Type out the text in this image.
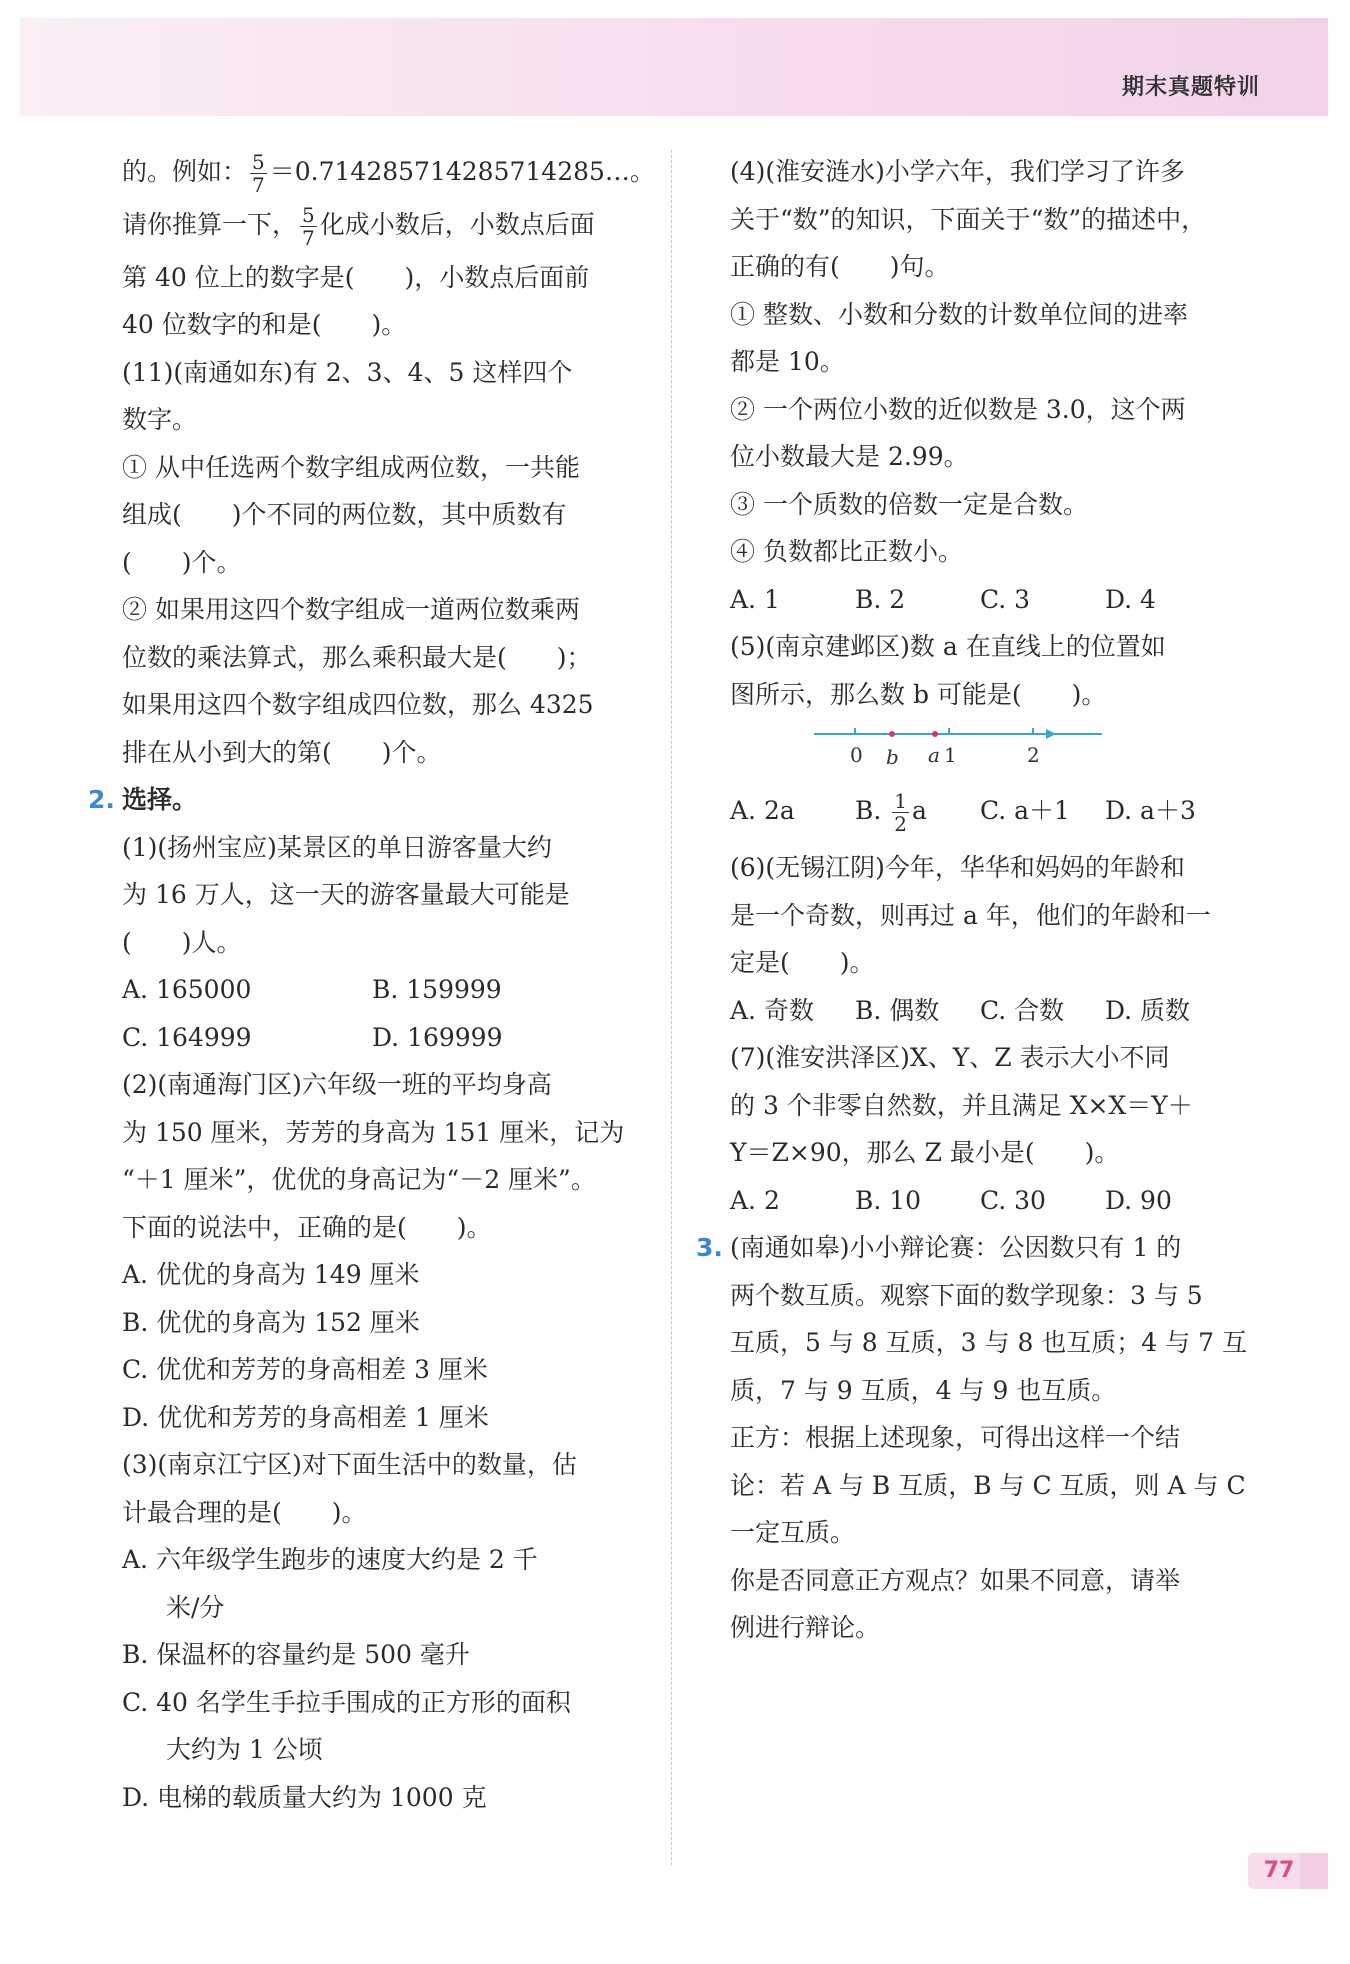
期末真题特训
的。例如： $\frac{5}{7}$ ＝0.714285714285714285…。
请你推算一下， $\frac{5}{7}$ 化成小数后，小数点后面
第 40 位上的数字是(　　)，小数点后面前
40 位数字的和是(　　)。
(11)(南通如东)有 2、3、4、5 这样四个
数字。
① 从中任选两个数字组成两位数，一共能
组成(　　)个不同的两位数，其中质数有
(　　)个。
② 如果用这四个数字组成一道两位数乘两
位数的乘法算式，那么乘积最大是(　　)；
如果用这四个数字组成四位数，那么 4325
排在从小到大的第(　　)个。
2. 选择。
(1)(扬州宝应)某景区的单日游客量大约
为 16 万人，这一天的游客量最大可能是
(　　)人。
A. 165000	B. 159999
C. 164999	D. 169999
(2)(南通海门区)六年级一班的平均身高
为 150 厘米，芳芳的身高为 151 厘米，记为
“＋1 厘米”，优优的身高记为“－2 厘米”。
下面的说法中，正确的是(　　)。
A. 优优的身高为 149 厘米
B. 优优的身高为 152 厘米
C. 优优和芳芳的身高相差 3 厘米
D. 优优和芳芳的身高相差 1 厘米
(3)(南京江宁区)对下面生活中的数量，估
计最合理的是(　　)。
A. 六年级学生跑步的速度大约是 2 千
米/分
B. 保温杯的容量约是 500 毫升
C. 40 名学生手拉手围成的正方形的面积
大约为 1 公顷
D. 电梯的载质量大约为 1000 克
(4)(淮安涟水)小学六年，我们学习了许多
关于“数”的知识，下面关于“数”的描述中，
正确的有(　　)句。
① 整数、小数和分数的计数单位间的进率
都是 10。
② 一个两位小数的近似数是 3.0，这个两
位小数最大是 2.99。
③ 一个质数的倍数一定是合数。
④ 负数都比正数小。
A. 1	B. 2	C. 3	D. 4
(5)(南京建邺区)数 a 在直线上的位置如
图所示，那么数 b 可能是(　　)。
0 b a 1	2
A. 2a	B. $\frac{1}{2}$ a	C. a＋1	D. a＋3
(6)(无锡江阴)今年，华华和妈妈的年龄和
是一个奇数，则再过 a 年，他们的年龄和一
定是(　　)。
A. 奇数	B. 偶数	C. 合数	D. 质数
(7)(淮安洪泽区)X、Y、Z 表示大小不同
的 3 个非零自然数，并且满足 X×X＝Y＋
Y＝Z×90，那么 Z 最小是(　　)。
A. 2	B. 10	C. 30	D. 90
3. (南通如皋)小小辩论赛：公因数只有 1 的
两个数互质。观察下面的数学现象：3 与 5
互质，5 与 8 互质，3 与 8 也互质；4 与 7 互
质，7 与 9 互质，4 与 9 也互质。
正方：根据上述现象，可得出这样一个结
论：若 A 与 B 互质，B 与 C 互质，则 A 与 C
一定互质。
你是否同意正方观点？如果不同意，请举
例进行辩论。
77
